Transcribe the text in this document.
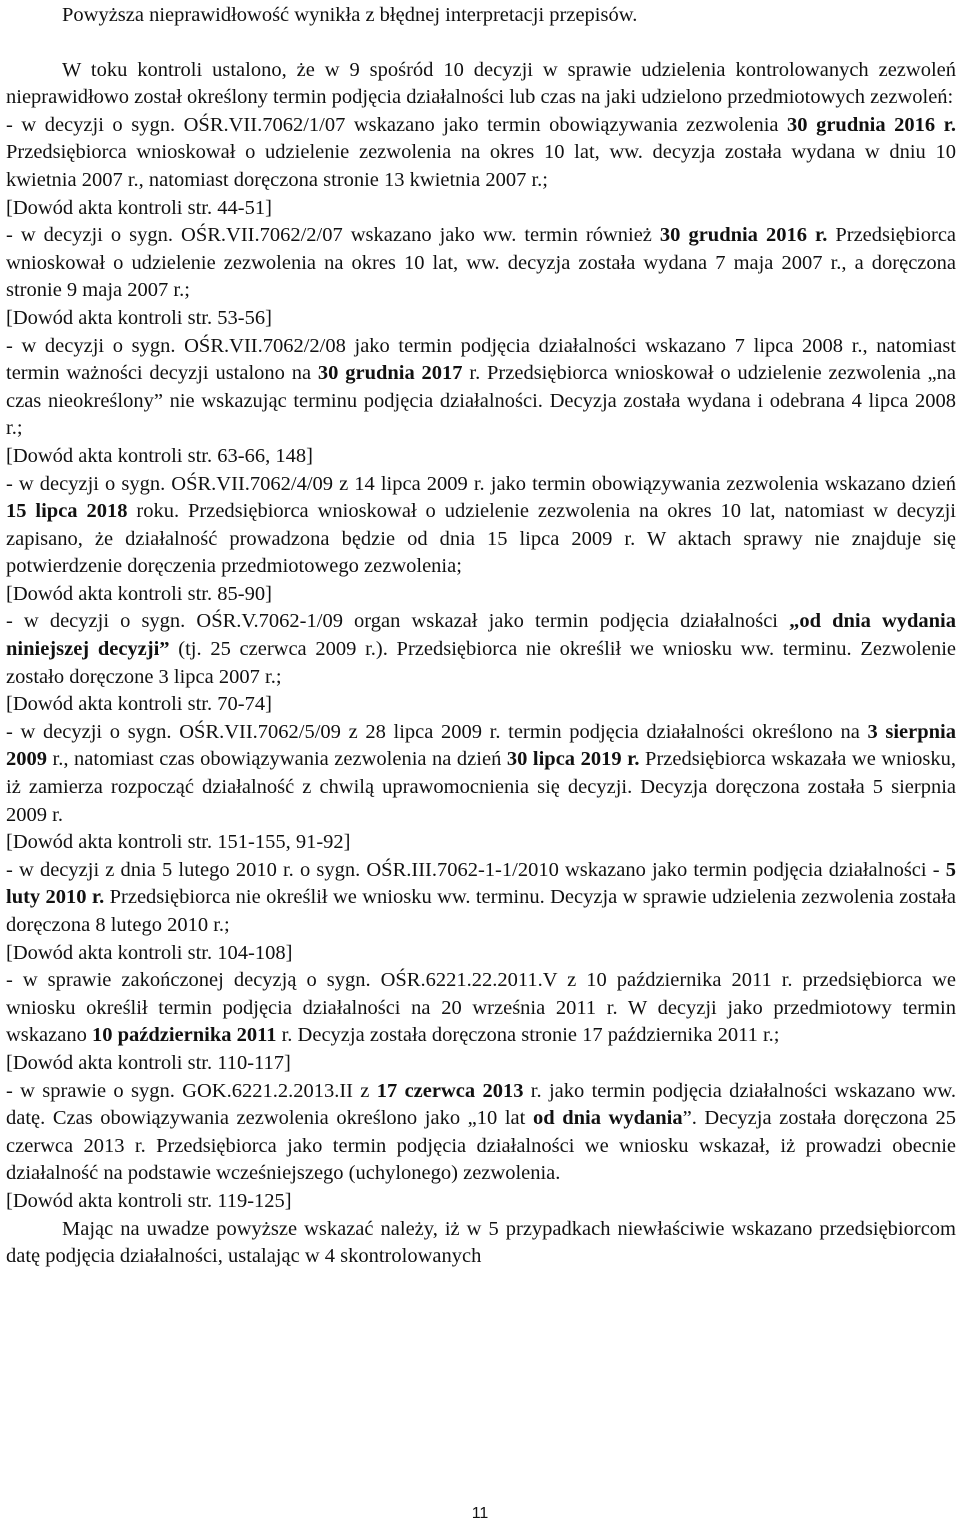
Powyższa nieprawidłowość wynikła z błędnej interpretacji przepisów.

W toku kontroli ustalono, że w 9 spośród 10 decyzji w sprawie udzielenia kontrolowanych zezwoleń nieprawidłowo został określony termin podjęcia działalności lub czas na jaki udzielono przedmiotowych zezwoleń:

- w decyzji o sygn. OŚR.VII.7062/1/07 wskazano jako termin obowiązywania zezwolenia 30 grudnia 2016 r. Przedsiębiorca wnioskował o udzielenie zezwolenia na okres 10 lat, ww. decyzja została wydana w dniu 10 kwietnia 2007 r., natomiast doręczona stronie 13 kwietnia 2007 r.;

[Dowód akta kontroli str. 44-51]

- w decyzji o sygn. OŚR.VII.7062/2/07 wskazano jako ww. termin również 30 grudnia 2016 r. Przedsiębiorca wnioskował o udzielenie zezwolenia na okres 10 lat, ww. decyzja została wydana 7 maja 2007 r., a doręczona stronie 9 maja 2007 r.;

[Dowód akta kontroli str. 53-56]

- w decyzji o sygn. OŚR.VII.7062/2/08 jako termin podjęcia działalności wskazano 7 lipca 2008 r., natomiast termin ważności decyzji ustalono na 30 grudnia 2017 r. Przedsiębiorca wnioskował o udzielenie zezwolenia „na czas nieokreślony” nie wskazując terminu podjęcia działalności. Decyzja została wydana i odebrana 4 lipca 2008 r.;

[Dowód akta kontroli str. 63-66, 148]

- w decyzji o sygn. OŚR.VII.7062/4/09 z 14 lipca 2009 r. jako termin obowiązywania zezwolenia wskazano dzień 15 lipca 2018 roku. Przedsiębiorca wnioskował o udzielenie zezwolenia na okres 10 lat, natomiast w decyzji zapisano, że działalność prowadzona będzie od dnia 15 lipca 2009 r. W aktach sprawy nie znajduje się potwierdzenie doręczenia przedmiotowego zezwolenia;

[Dowód akta kontroli str. 85-90]

- w decyzji o sygn. OŚR.V.7062-1/09 organ wskazał jako termin podjęcia działalności „od dnia wydania niniejszej decyzji” (tj. 25 czerwca 2009 r.). Przedsiębiorca nie określił we wniosku ww. terminu. Zezwolenie zostało doręczone 3 lipca 2007 r.;

[Dowód akta kontroli str. 70-74]

- w decyzji o sygn. OŚR.VII.7062/5/09 z 28 lipca 2009 r. termin podjęcia działalności określono na 3 sierpnia 2009 r., natomiast czas obowiązywania zezwolenia na dzień 30 lipca 2019 r. Przedsiębiorca wskazała we wniosku, iż zamierza rozpocząć działalność z chwilą uprawomocnienia się decyzji. Decyzja doręczona została 5 sierpnia 2009 r.

[Dowód akta kontroli str. 151-155, 91-92]

- w decyzji z dnia 5 lutego 2010 r. o sygn. OŚR.III.7062-1-1/2010 wskazano jako termin podjęcia działalności - 5 luty 2010 r. Przedsiębiorca nie określił we wniosku ww. terminu. Decyzja w sprawie udzielenia zezwolenia została doręczona 8 lutego 2010 r.;

[Dowód akta kontroli str. 104-108]

- w sprawie zakończonej decyzją o sygn. OŚR.6221.22.2011.V z 10 października 2011 r. przedsiębiorca we wniosku określił termin podjęcia działalności na 20 września 2011 r. W decyzji jako przedmiotowy termin wskazano 10 października 2011 r. Decyzja została doręczona stronie 17 października 2011 r.;

[Dowód akta kontroli str. 110-117]

- w sprawie o sygn. GOK.6221.2.2013.II z 17 czerwca 2013 r. jako termin podjęcia działalności wskazano ww. datę. Czas obowiązywania zezwolenia określono jako „10 lat od dnia wydania”. Decyzja została doręczona 25 czerwca 2013 r. Przedsiębiorca jako termin podjęcia działalności we wniosku wskazał, iż prowadzi obecnie działalność na podstawie wcześniejszego (uchylonego) zezwolenia.

[Dowód akta kontroli str. 119-125]

Mając na uwadze powyższe wskazać należy, iż w 5 przypadkach niewłaściwie wskazano przedsiębiorcom datę podjęcia działalności, ustalając w 4 skontrolowanych

11
